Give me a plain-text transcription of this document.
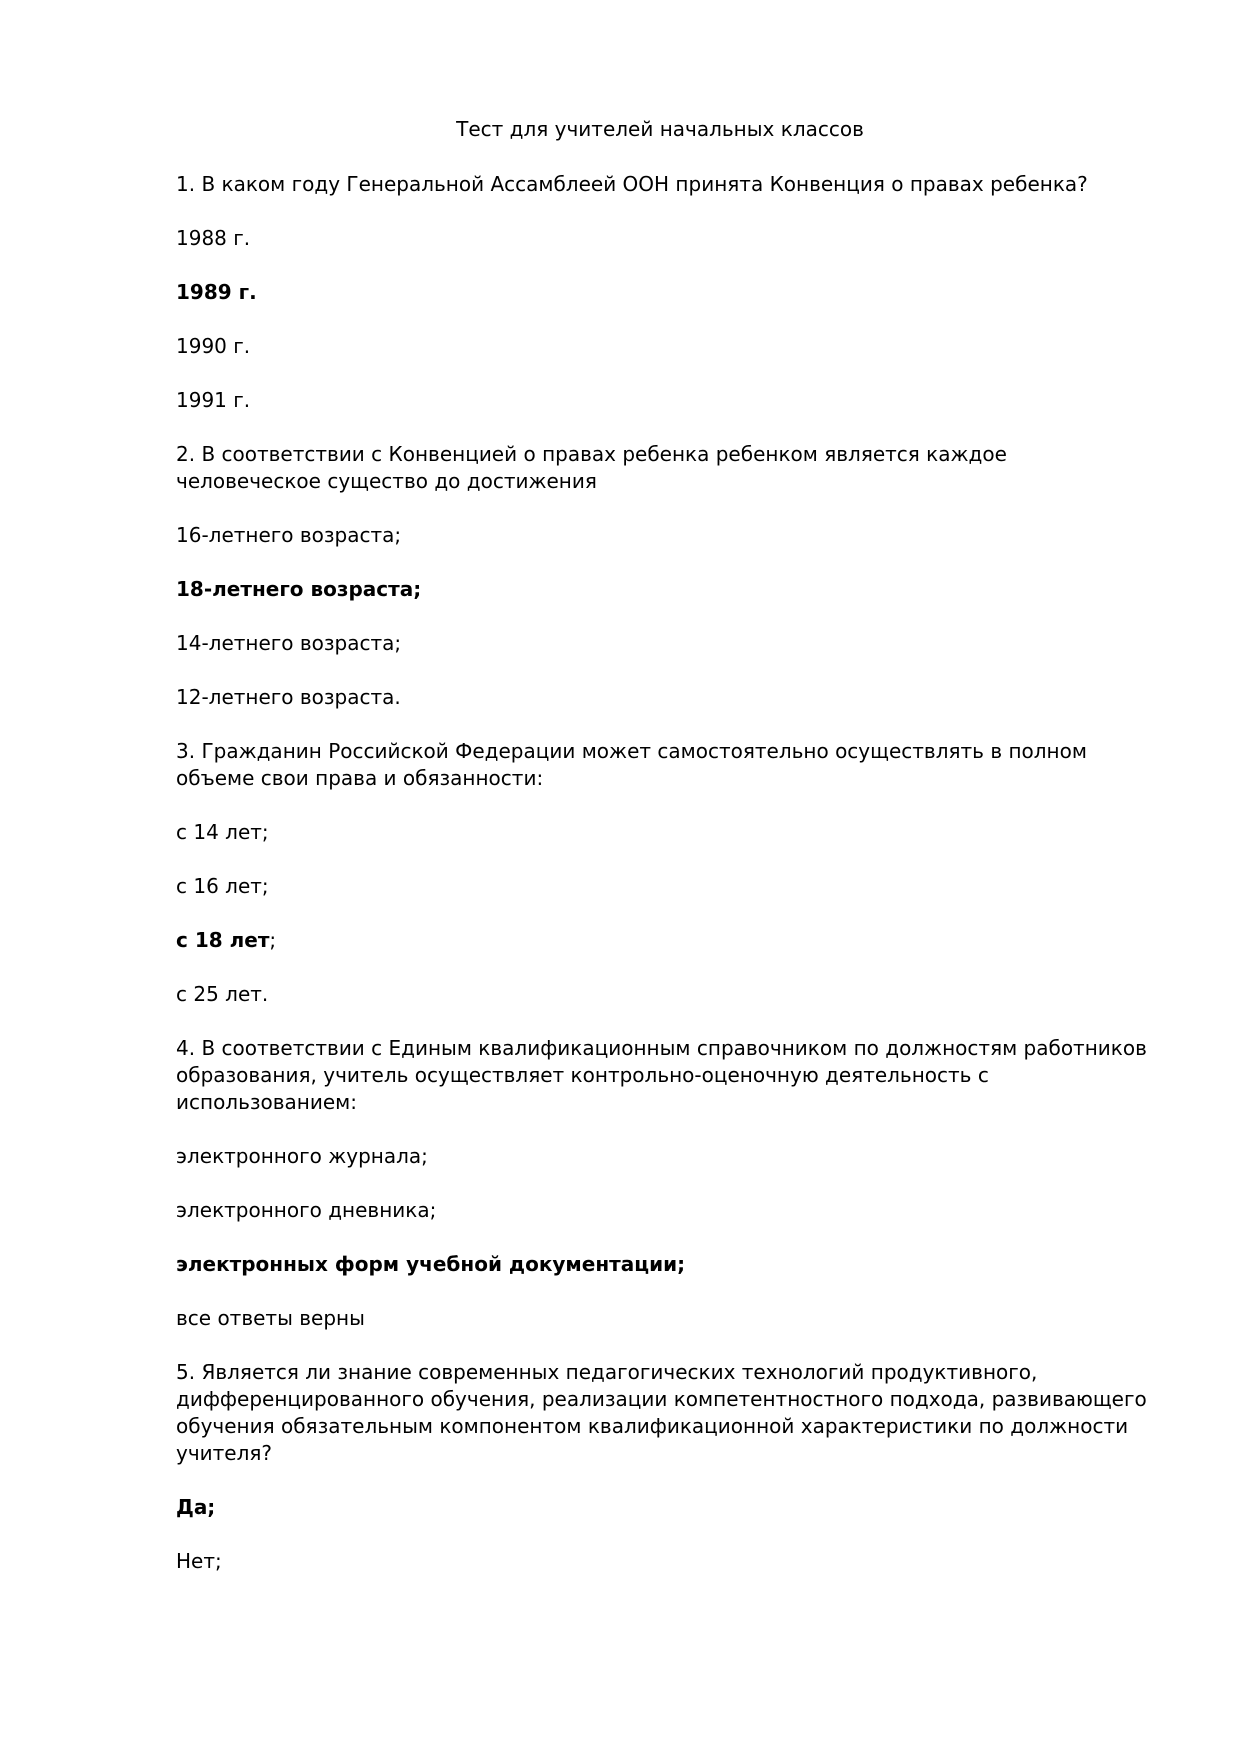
Тест для учителей начальных классов
1. В каком году Генеральной Ассамблеей ООН принята Конвенция о правах ребенка?
1988 г.
1989 г.
1990 г.
1991 г.
2. В соответствии с Конвенцией о правах ребенка ребенком является каждое человеческое существо до достижения
16-летнего возраста;
18-летнего возраста;
14-летнего возраста;
12-летнего возраста.
3. Гражданин Российской Федерации может самостоятельно осуществлять в полном объеме свои права и обязанности:
с 14 лет;
с 16 лет;
с 18 лет;
с 25 лет.
4. В соответствии с Единым квалификационным справочником по должностям работников образования, учитель осуществляет контрольно-оценочную деятельность с использованием:
электронного журнала;
электронного дневника;
электронных форм учебной документации;
все ответы верны
5. Является ли знание современных педагогических технологий продуктивного, дифференцированного обучения, реализации компетентностного подхода, развивающего обучения обязательным компонентом квалификационной характеристики по должности учителя?
Да;
Нет;
